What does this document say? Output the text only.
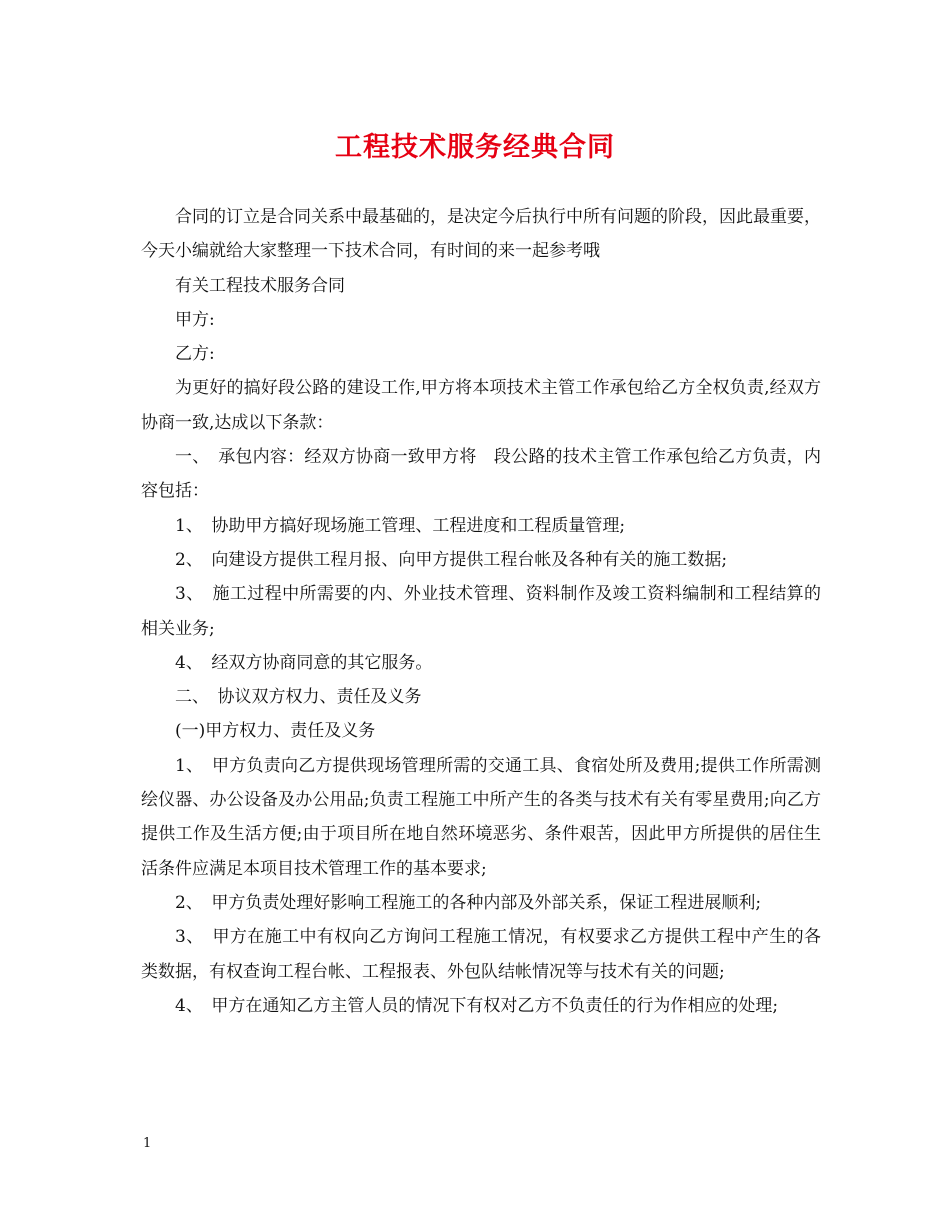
工程技术服务经典合同

合同的订立是合同关系中最基础的，是决定今后执行中所有问题的阶段，因此最重要，今天小编就给大家整理一下技术合同，有时间的来一起参考哦

有关工程技术服务合同

甲方:

乙方:

为更好的搞好段公路的建设工作,甲方将本项技术主管工作承包给乙方全权负责,经双方协商一致,达成以下条款：

一、　承包内容：经双方协商一致甲方将　段公路的技术主管工作承包给乙方负责，内容包括：

1、　协助甲方搞好现场施工管理、工程进度和工程质量管理;

2、　向建设方提供工程月报、向甲方提供工程台帐及各种有关的施工数据;

3、　施工过程中所需要的内、外业技术管理、资料制作及竣工资料编制和工程结算的相关业务;

4、　经双方协商同意的其它服务。

二、　协议双方权力、责任及义务

(一)甲方权力、责任及义务

1、　甲方负责向乙方提供现场管理所需的交通工具、食宿处所及费用;提供工作所需测绘仪器、办公设备及办公用品;负责工程施工中所产生的各类与技术有关有零星费用;向乙方提供工作及生活方便;由于项目所在地自然环境恶劣、条件艰苦，因此甲方所提供的居住生活条件应满足本项目技术管理工作的基本要求;

2、　甲方负责处理好影响工程施工的各种内部及外部关系，保证工程进展顺利;

3、　甲方在施工中有权向乙方询问工程施工情况，有权要求乙方提供工程中产生的各类数据，有权查询工程台帐、工程报表、外包队结帐情况等与技术有关的问题;

4、　甲方在通知乙方主管人员的情况下有权对乙方不负责任的行为作相应的处理;

1
